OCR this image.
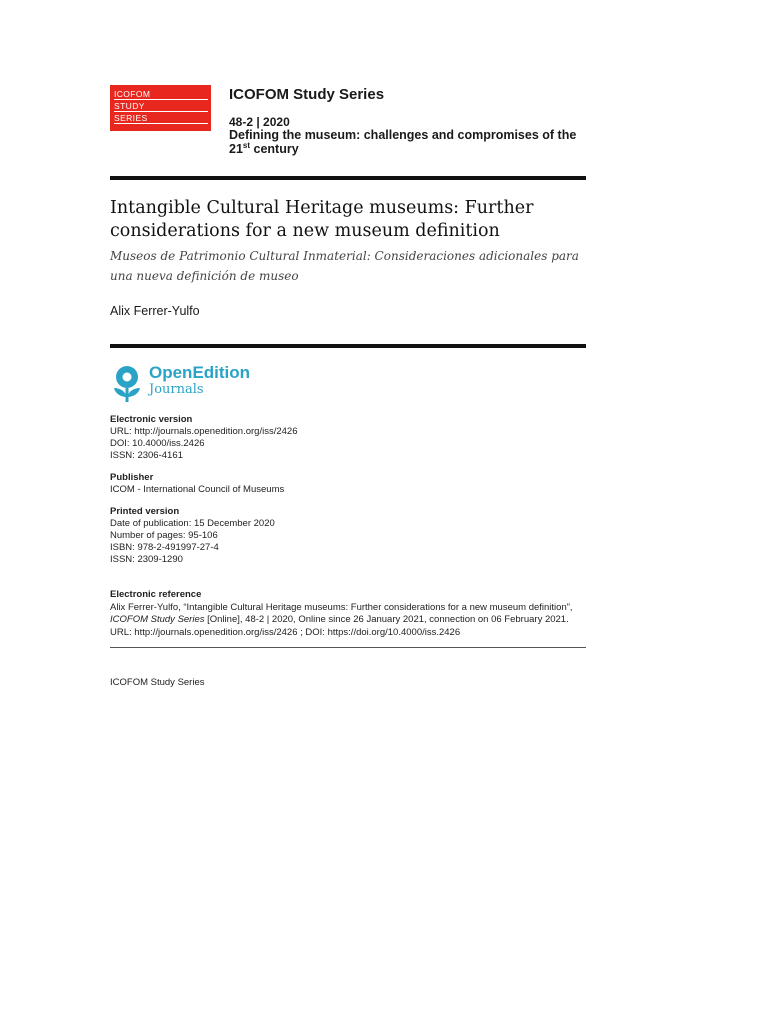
ICOFOM
STUDY
SERIES
ICOFOM Study Series
48-2 | 2020
Defining the museum: challenges and compromises of the 21st century
Intangible Cultural Heritage museums: Further considerations for a new museum definition
Museos de Patrimonio Cultural Inmaterial: Consideraciones adicionales para una nueva definición de museo
Alix Ferrer-Yulfo
OpenEdition
Journals
Electronic version
URL: http://journals.openedition.org/iss/2426
DOI: 10.4000/iss.2426
ISSN: 2306-4161
Publisher
ICOM - International Council of Museums
Printed version
Date of publication: 15 December 2020
Number of pages: 95-106
ISBN: 978-2-491997-27-4
ISSN: 2309-1290
Electronic reference
Alix Ferrer-Yulfo, “Intangible Cultural Heritage museums: Further considerations for a new museum definition”, ICOFOM Study Series [Online], 48-2 | 2020, Online since 26 January 2021, connection on 06 February 2021. URL: http://journals.openedition.org/iss/2426 ; DOI: https://doi.org/10.4000/iss.2426
ICOFOM Study Series
